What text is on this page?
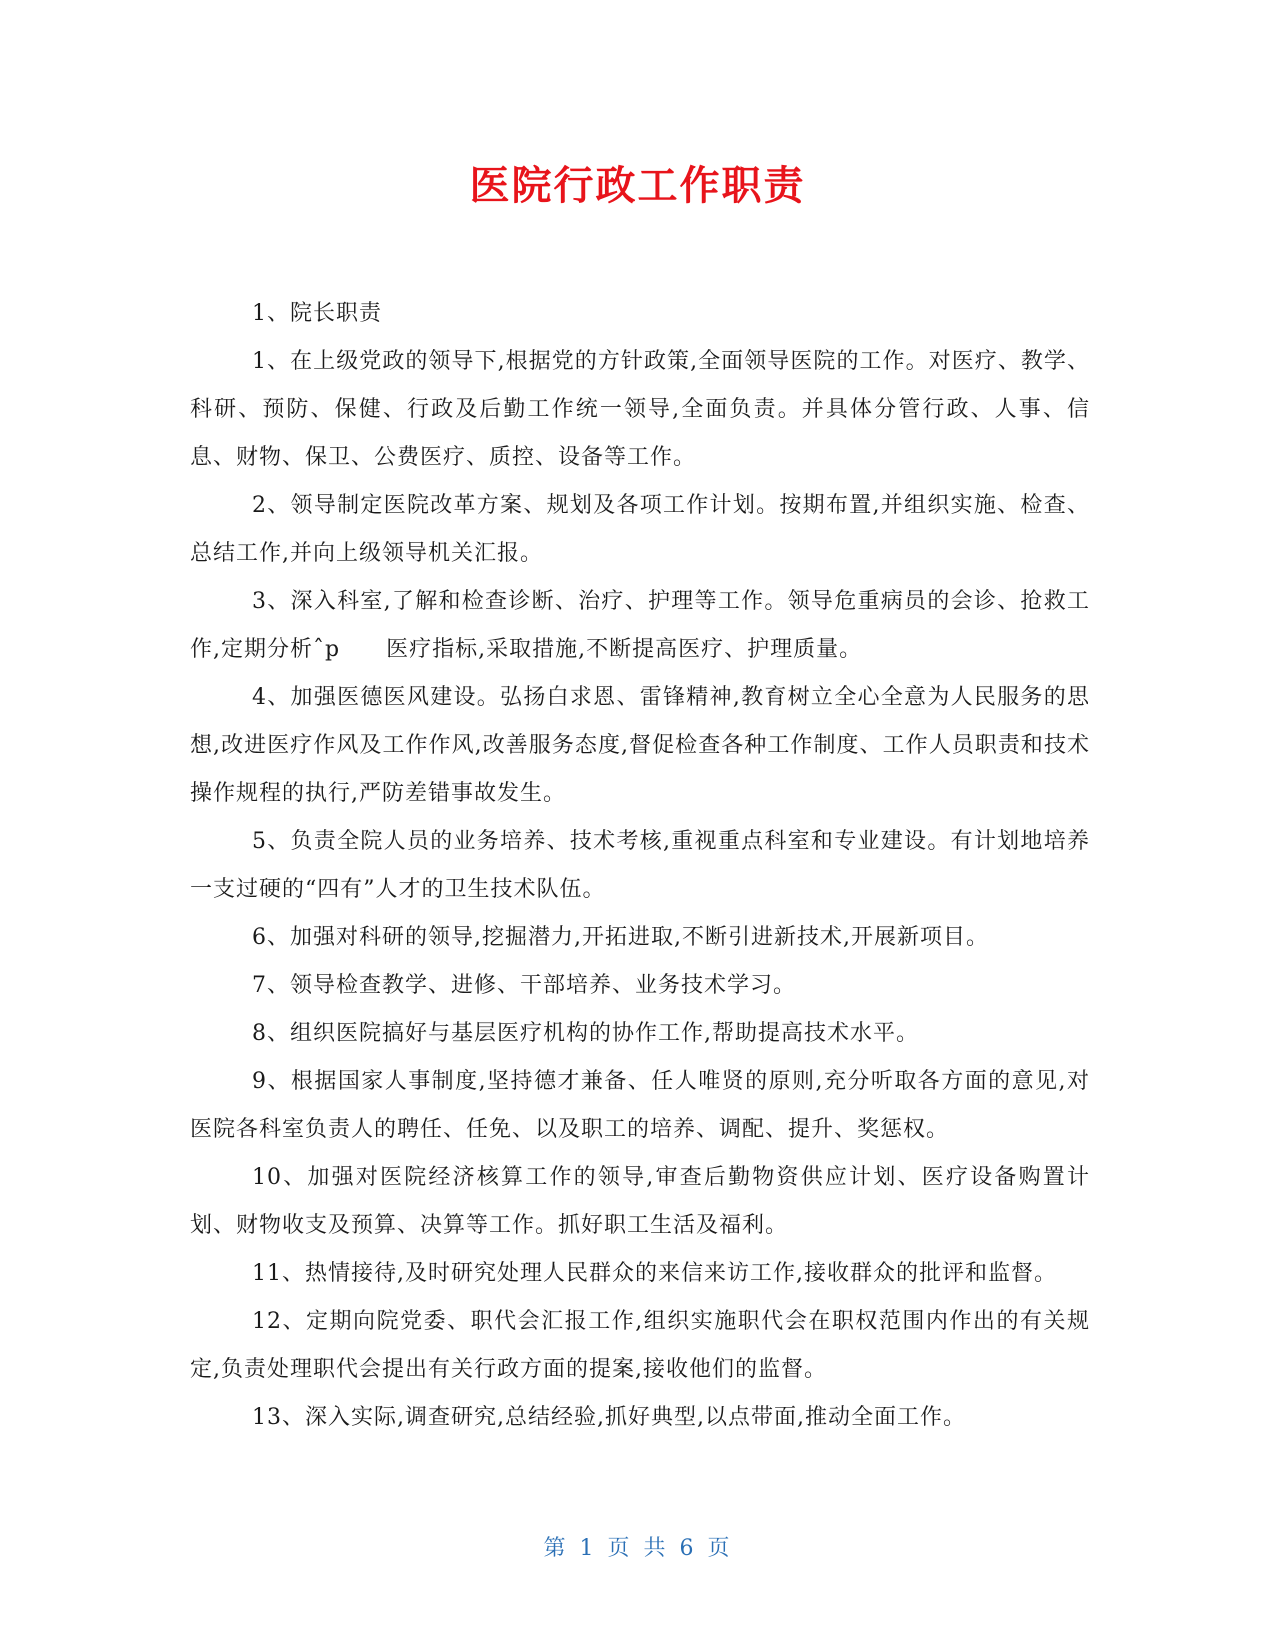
医院行政工作职责

1、院长职责

1、在上级党政的领导下,根据党的方针政策,全面领导医院的工作。对医疗、教学、科研、预防、保健、行政及后勤工作统一领导,全面负责。并具体分管行政、人事、信息、财物、保卫、公费医疗、质控、设备等工作。

2、领导制定医院改革方案、规划及各项工作计划。按期布置,并组织实施、检查、总结工作,并向上级领导机关汇报。

3、深入科室,了解和检查诊断、治疗、护理等工作。领导危重病员的会诊、抢救工作,定期分析ˆp　　医疗指标,采取措施,不断提高医疗、护理质量。

4、加强医德医风建设。弘扬白求恩、雷锋精神,教育树立全心全意为人民服务的思想,改进医疗作风及工作作风,改善服务态度,督促检查各种工作制度、工作人员职责和技术操作规程的执行,严防差错事故发生。

5、负责全院人员的业务培养、技术考核,重视重点科室和专业建设。有计划地培养一支过硬的“四有”人才的卫生技术队伍。

6、加强对科研的领导,挖掘潜力,开拓进取,不断引进新技术,开展新项目。

7、领导检查教学、进修、干部培养、业务技术学习。

8、组织医院搞好与基层医疗机构的协作工作,帮助提高技术水平。

9、根据国家人事制度,坚持德才兼备、任人唯贤的原则,充分听取各方面的意见,对医院各科室负责人的聘任、任免、以及职工的培养、调配、提升、奖惩权。

10、加强对医院经济核算工作的领导,审查后勤物资供应计划、医疗设备购置计划、财物收支及预算、决算等工作。抓好职工生活及福利。

11、热情接待,及时研究处理人民群众的来信来访工作,接收群众的批评和监督。

12、定期向院党委、职代会汇报工作,组织实施职代会在职权范围内作出的有关规定,负责处理职代会提出有关行政方面的提案,接收他们的监督。

13、深入实际,调查研究,总结经验,抓好典型,以点带面,推动全面工作。

第 1 页 共 6 页
